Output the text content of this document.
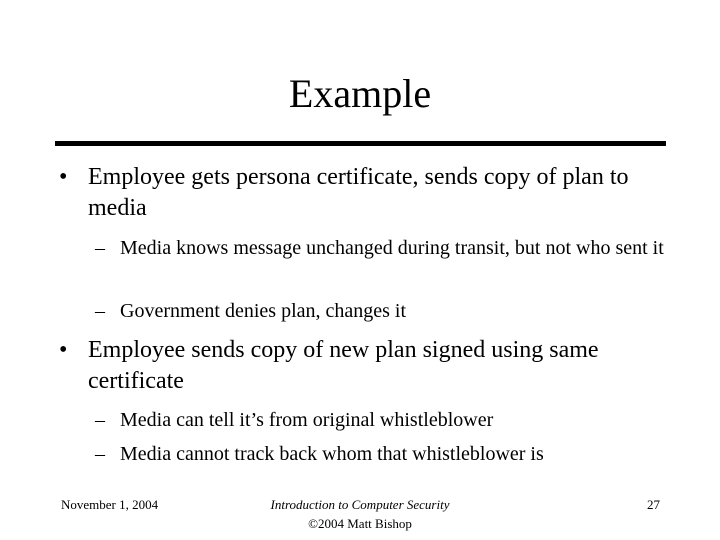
Example
• Employee gets persona certificate, sends copy of plan to media
– Media knows message unchanged during transit, but not who sent it
– Government denies plan, changes it
• Employee sends copy of new plan signed using same certificate
– Media can tell it’s from original whistleblower
– Media cannot track back whom that whistleblower is
November 1, 2004	Introduction to Computer Security
©2004 Matt Bishop
27
